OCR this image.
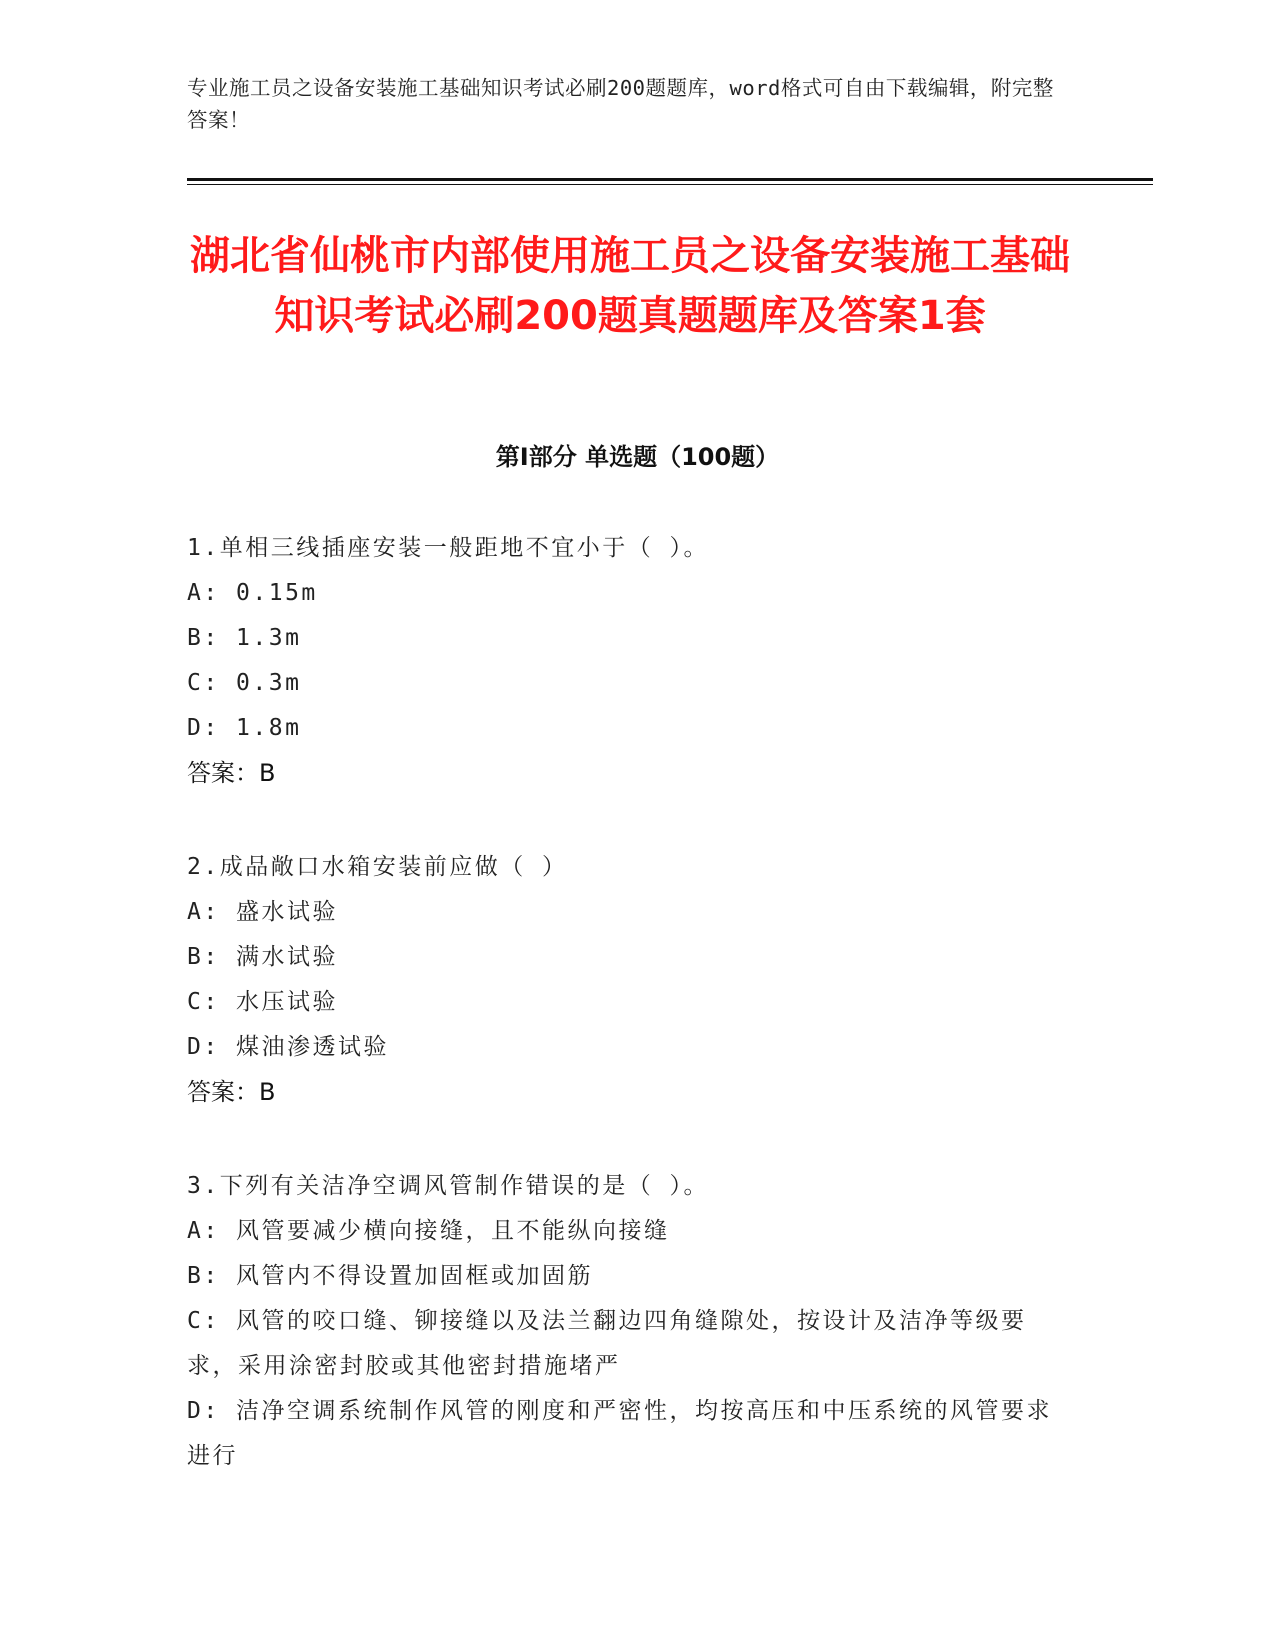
专业施工员之设备安装施工基础知识考试必刷200题题库，word格式可自由下载编辑，附完整答案！
湖北省仙桃市内部使用施工员之设备安装施工基础知识考试必刷200题真题题库及答案1套
第Ⅰ部分 单选题（100题）

1.单相三线插座安装一般距地不宜小于（ ）。

A: 0.15m

B: 1.3m

C: 0.3m

D: 1.8m

答案：B

2.成品敞口水箱安装前应做（ ）

A: 盛水试验

B: 满水试验

C: 水压试验

D: 煤油渗透试验

答案：B

3.下列有关洁净空调风管制作错误的是（ ）。

A: 风管要减少横向接缝，且不能纵向接缝

B: 风管内不得设置加固框或加固筋

C: 风管的咬口缝、铆接缝以及法兰翻边四角缝隙处，按设计及洁净等级要求，采用涂密封胶或其他密封措施堵严

D: 洁净空调系统制作风管的刚度和严密性，均按高压和中压系统的风管要求进行
